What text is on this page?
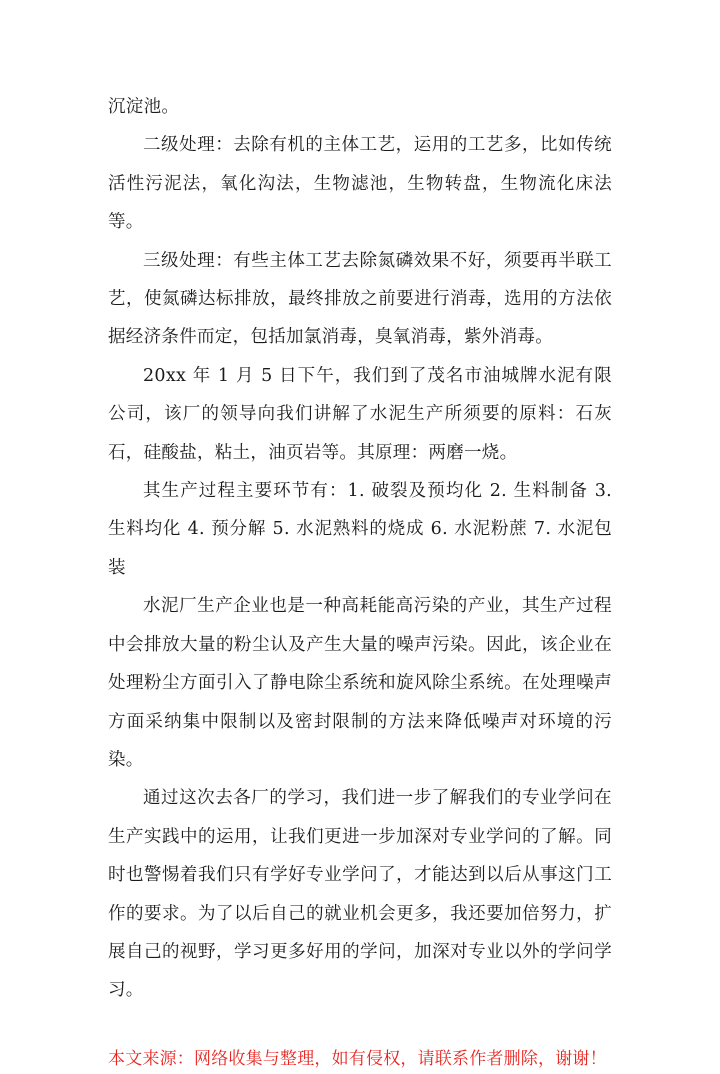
沉淀池。

二级处理：去除有机的主体工艺，运用的工艺多，比如传统活性污泥法，氧化沟法，生物滤池，生物转盘，生物流化床法等。

三级处理：有些主体工艺去除氮磷效果不好，须要再半联工艺，使氮磷达标排放，最终排放之前要进行消毒，选用的方法依据经济条件而定，包括加氯消毒，臭氧消毒，紫外消毒。

20xx 年 1 月 5 日下午，我们到了茂名市油城牌水泥有限公司，该厂的领导向我们讲解了水泥生产所须要的原料：石灰石，硅酸盐，粘土，油页岩等。其原理：两磨一烧。

其生产过程主要环节有：1. 破裂及预均化 2. 生料制备 3. 生料均化 4. 预分解 5. 水泥熟料的烧成 6. 水泥粉蔗 7. 水泥包装

水泥厂生产企业也是一种高耗能高污染的产业，其生产过程中会排放大量的粉尘认及产生大量的噪声污染。因此，该企业在处理粉尘方面引入了静电除尘系统和旋风除尘系统。在处理噪声方面采纳集中限制以及密封限制的方法来降低噪声对环境的污染。

通过这次去各厂的学习，我们进一步了解我们的专业学问在生产实践中的运用，让我们更进一步加深对专业学问的了解。同时也警惕着我们只有学好专业学问了，才能达到以后从事这门工作的要求。为了以后自己的就业机会更多，我还要加倍努力，扩展自己的视野，学习更多好用的学问，加深对专业以外的学问学习。

本文来源：网络收集与整理，如有侵权，请联系作者删除，谢谢！
